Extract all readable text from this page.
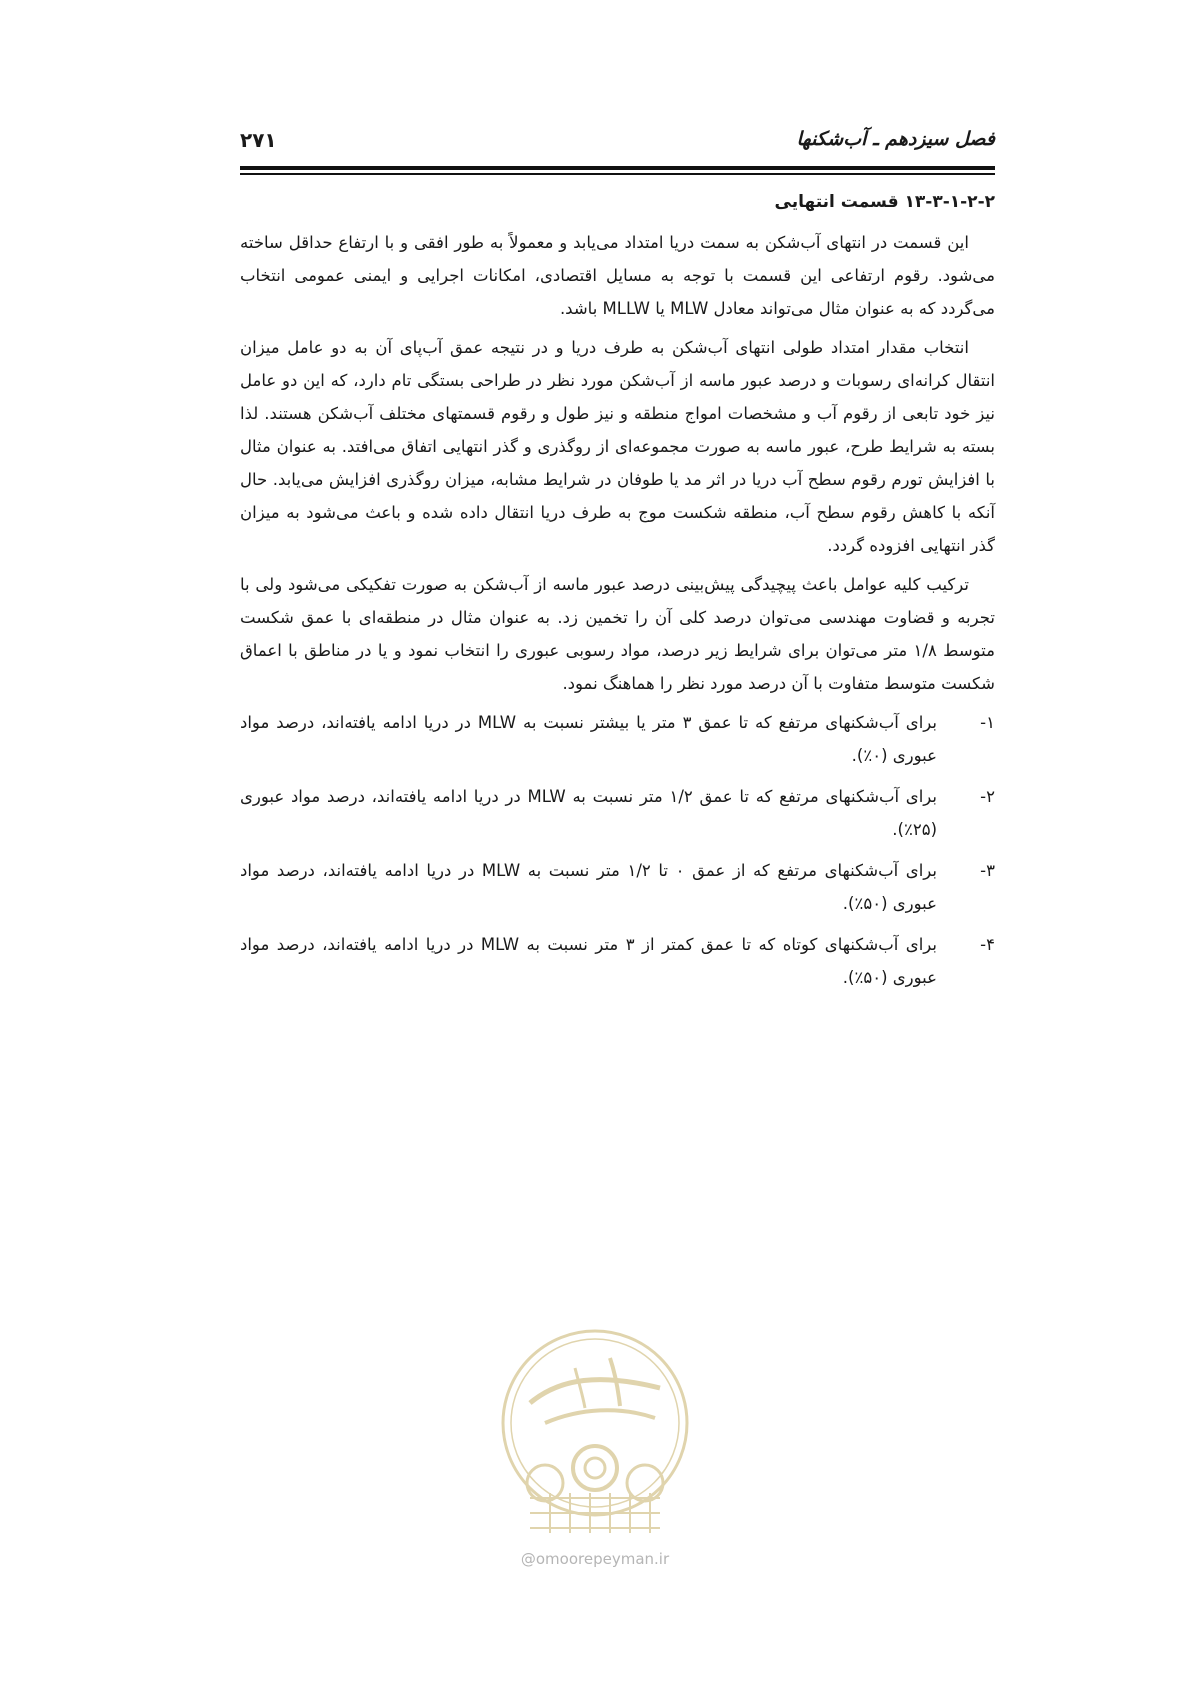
فصل سیزدهم ـ آب‌شکنها
۲۷۱
۱۳-۳-۱-۲-۲ قسمت انتهایی

این قسمت در انتهای آب‌شکن به سمت دریا امتداد می‌یابد و معمولاً به طور افقی و با ارتفاع حداقل ساخته می‌شود. رقوم ارتفاعی این قسمت با توجه به مسایل اقتصادی، امکانات اجرایی و ایمنی عمومی انتخاب می‌گردد که به عنوان مثال می‌تواند معادل MLW یا MLLW باشد.

انتخاب مقدار امتداد طولی انتهای آب‌شکن به طرف دریا و در نتیجه عمق آب‌پای آن به دو عامل میزان انتقال کرانه‌ای رسوبات و درصد عبور ماسه از آب‌شکن مورد نظر در طراحی بستگی تام دارد، که این دو عامل نیز خود تابعی از رقوم آب و مشخصات امواج منطقه و نیز طول و رقوم قسمتهای مختلف آب‌شکن هستند. لذا بسته به شرایط طرح، عبور ماسه به صورت مجموعه‌ای از روگذری و گذر انتهایی اتفاق می‌افتد. به عنوان مثال با افزایش تورم رقوم سطح آب دریا در اثر مد یا طوفان در شرایط مشابه، میزان روگذری افزایش می‌یابد. حال آنکه با کاهش رقوم سطح آب، منطقه شکست موج به طرف دریا انتقال داده شده و باعث می‌شود به میزان گذر انتهایی افزوده گردد.

ترکیب کلیه عوامل باعث پیچیدگی پیش‌بینی درصد عبور ماسه از آب‌شکن به صورت تفکیکی می‌شود ولی با تجربه و قضاوت مهندسی می‌توان درصد کلی آن را تخمین زد. به عنوان مثال در منطقه‌ای با عمق شکست متوسط ۱/۸ متر می‌توان برای شرایط زیر درصد، مواد رسوبی عبوری را انتخاب نمود و یا در مناطق با اعماق شکست متوسط متفاوت با آن درصد مورد نظر را هماهنگ نمود.

۱-
برای آب‌شکنهای مرتفع که تا عمق ۳ متر یا بیشتر نسبت به MLW در دریا ادامه یافته‌اند، درصد مواد عبوری (۰٪).
۲-
برای آب‌شکنهای مرتفع که تا عمق ۱/۲ متر نسبت به MLW در دریا ادامه یافته‌اند، درصد مواد عبوری (۲۵٪).
۳-
برای آب‌شکنهای مرتفع که از عمق ۰ تا ۱/۲ متر نسبت به MLW در دریا ادامه یافته‌اند، درصد مواد عبوری (۵۰٪).
۴-
برای آب‌شکنهای کوتاه که تا عمق کمتر از ۳ متر نسبت به MLW در دریا ادامه یافته‌اند، درصد مواد عبوری (۵۰٪).
@omoorepeyman.ir
